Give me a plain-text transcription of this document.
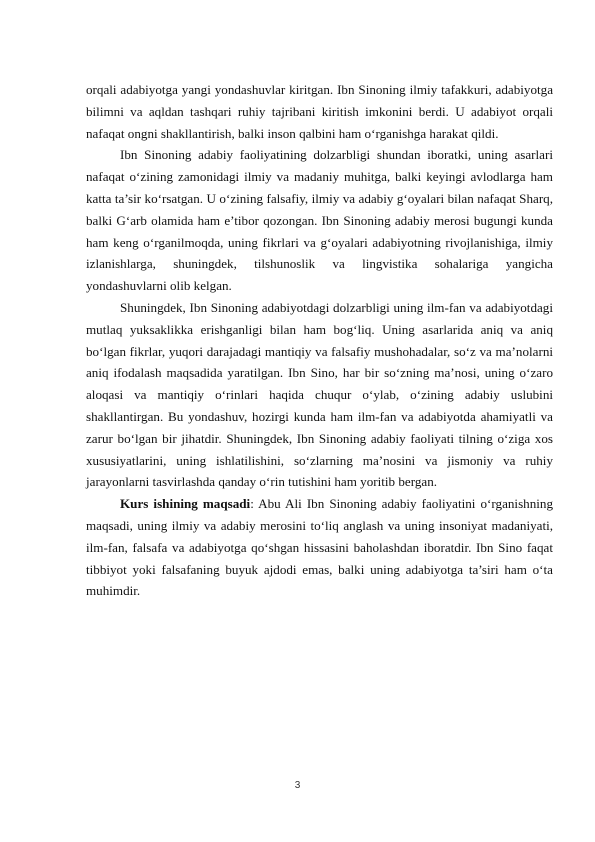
orqali adabiyotga yangi yondashuvlar kiritgan. Ibn Sinoning ilmiy tafakkuri, adabiyotga bilimni va aqldan tashqari ruhiy tajribani kiritish imkonini berdi. U adabiyot orqali nafaqat ongni shakllantirish, balki inson qalbini ham o‘rganishga harakat qildi.

Ibn Sinoning adabiy faoliyatining dolzarbligi shundan iboratki, uning asarlari nafaqat o‘zining zamonidagi ilmiy va madaniy muhitga, balki keyingi avlodlarga ham katta ta’sir ko‘rsatgan. U o‘zining falsafiy, ilmiy va adabiy g‘oyalari bilan nafaqat Sharq, balki G‘arb olamida ham e’tibor qozongan. Ibn Sinoning adabiy merosi bugungi kunda ham keng o‘rganilmoqda, uning fikrlari va g‘oyalari adabiyotning rivojlanishiga, ilmiy izlanishlarga, shuningdek, tilshunoslik va lingvistika sohalariga yangicha yondashuvlarni olib kelgan.

Shuningdek, Ibn Sinoning adabiyotdagi dolzarbligi uning ilm-fan va adabiyotdagi mutlaq yuksaklikka erishganligi bilan ham bog‘liq. Uning asarlarida aniq va aniq bo‘lgan fikrlar, yuqori darajadagi mantiqiy va falsafiy mushohadalar, so‘z va ma’nolarni aniq ifodalash maqsadida yaratilgan. Ibn Sino, har bir so‘zning ma’nosi, uning o‘zaro aloqasi va mantiqiy o‘rinlari haqida chuqur o‘ylab, o‘zining adabiy uslubini shakllantirgan. Bu yondashuv, hozirgi kunda ham ilm-fan va adabiyotda ahamiyatli va zarur bo‘lgan bir jihatdir. Shuningdek, Ibn Sinoning adabiy faoliyati tilning o‘ziga xos xususiyatlarini, uning ishlatilishini, so‘zlarning ma’nosini va jismoniy va ruhiy jarayonlarni tasvirlashda qanday o‘rin tutishini ham yoritib bergan.

Kurs ishining maqsadi: Abu Ali Ibn Sinoning adabiy faoliyatini o‘rganishning maqsadi, uning ilmiy va adabiy merosini to‘liq anglash va uning insoniyat madaniyati, ilm-fan, falsafa va adabiyotga qo‘shgan hissasini baholashdan iboratdir. Ibn Sino faqat tibbiyot yoki falsafaning buyuk ajdodi emas, balki uning adabiyotga ta’siri ham o‘ta muhimdir.

3
